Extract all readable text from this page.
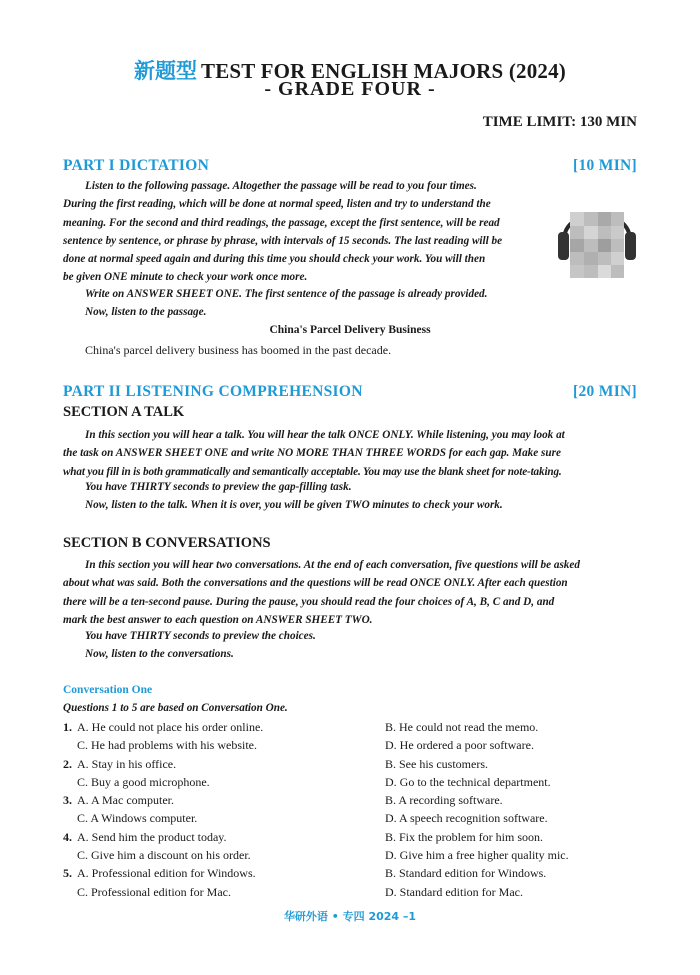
新题型 TEST FOR ENGLISH MAJORS (2024)
- GRADE FOUR -
TIME LIMIT: 130 MIN
PART I DICTATION	[10 MIN]

Listen to the following passage. Altogether the passage will be read to you four times.

During the first reading, which will be done at normal speed, listen and try to understand the

meaning. For the second and third readings, the passage, except the first sentence, will be read

sentence by sentence, or phrase by phrase, with intervals of 15 seconds. The last reading will be

done at normal speed again and during this time you should check your work. You will then

be given ONE minute to check your work once more.

Write on ANSWER SHEET ONE. The first sentence of the passage is already provided.
Now, listen to the passage.
China's Parcel Delivery Business
China's parcel delivery business has boomed in the past decade.
PART II LISTENING COMPREHENSION	[20 MIN]
SECTION A TALK

In this section you will hear a talk. You will hear the talk ONCE ONLY. While listening, you may look at

the task on ANSWER SHEET ONE and write NO MORE THAN THREE WORDS for each gap. Make sure

what you fill in is both grammatically and semantically acceptable. You may use the blank sheet for note-taking.

You have THIRTY seconds to preview the gap-filling task.
Now, listen to the talk. When it is over, you will be given TWO minutes to check your work.
SECTION B CONVERSATIONS

In this section you will hear two conversations. At the end of each conversation, five questions will be asked

about what was said. Both the conversations and the questions will be read ONCE ONLY. After each question

there will be a ten-second pause. During the pause, you should read the four choices of A, B, C and D, and

mark the best answer to each question on ANSWER SHEET TWO.

You have THIRTY seconds to preview the choices.
Now, listen to the conversations.
Conversation One
Questions 1 to 5 are based on Conversation One.
1. A. He could not place his order online.	B. He could not read the memo.
C. He had problems with his website.	D. He ordered a poor software.
2. A. Stay in his office.	B. See his customers.
C. Buy a good microphone.	D. Go to the technical department.
3. A. A Mac computer.	B. A recording software.
C. A Windows computer.	D. A speech recognition software.
4. A. Send him the product today.	B. Fix the problem for him soon.
C. Give him a discount on his order.	D. Give him a free higher quality mic.
5. A. Professional edition for Windows.	B. Standard edition for Windows.
C. Professional edition for Mac.	D. Standard edition for Mac.
华研外语 • 专四 2024 –1
